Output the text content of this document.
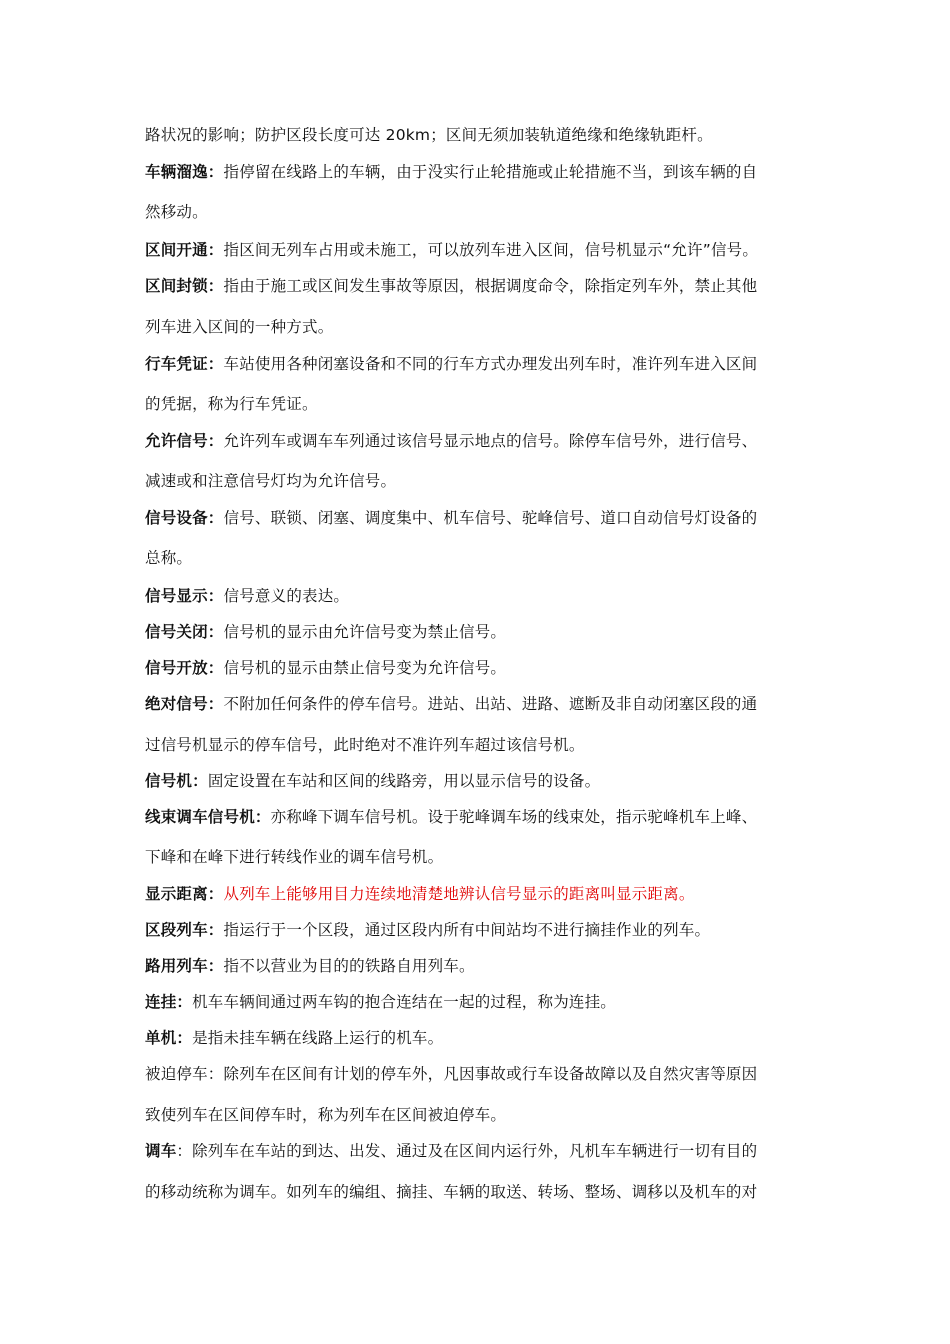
路状况的影响；防护区段长度可达 20km；区间无须加装轨道绝缘和绝缘轨距杆。
车辆溜逸：指停留在线路上的车辆，由于没实行止轮措施或止轮措施不当，到该车辆的自
然移动。
区间开通：指区间无列车占用或未施工，可以放列车进入区间，信号机显示“允许”信号。
区间封锁：指由于施工或区间发生事故等原因，根据调度命令，除指定列车外，禁止其他
列车进入区间的一种方式。
行车凭证：车站使用各种闭塞设备和不同的行车方式办理发出列车时，准许列车进入区间
的凭据，称为行车凭证。
允许信号：允许列车或调车车列通过该信号显示地点的信号。除停车信号外，进行信号、
减速或和注意信号灯均为允许信号。
信号设备：信号、联锁、闭塞、调度集中、机车信号、驼峰信号、道口自动信号灯设备的
总称。
信号显示：信号意义的表达。
信号关闭：信号机的显示由允许信号变为禁止信号。
信号开放：信号机的显示由禁止信号变为允许信号。
绝对信号：不附加任何条件的停车信号。进站、出站、进路、遮断及非自动闭塞区段的通
过信号机显示的停车信号，此时绝对不准许列车超过该信号机。
信号机：固定设置在车站和区间的线路旁，用以显示信号的设备。
线束调车信号机：亦称峰下调车信号机。设于驼峰调车场的线束处，指示驼峰机车上峰、
下峰和在峰下进行转线作业的调车信号机。
显示距离：从列车上能够用目力连续地清楚地辨认信号显示的距离叫显示距离。
区段列车：指运行于一个区段，通过区段内所有中间站均不进行摘挂作业的列车。
路用列车：指不以营业为目的的铁路自用列车。
连挂：机车车辆间通过两车钩的抱合连结在一起的过程，称为连挂。
单机：是指未挂车辆在线路上运行的机车。
被迫停车：除列车在区间有计划的停车外，凡因事故或行车设备故障以及自然灾害等原因
致使列车在区间停车时，称为列车在区间被迫停车。
调车：除列车在车站的到达、出发、通过及在区间内运行外，凡机车车辆进行一切有目的
的移动统称为调车。如列车的编组、摘挂、车辆的取送、转场、整场、调移以及机车的对
